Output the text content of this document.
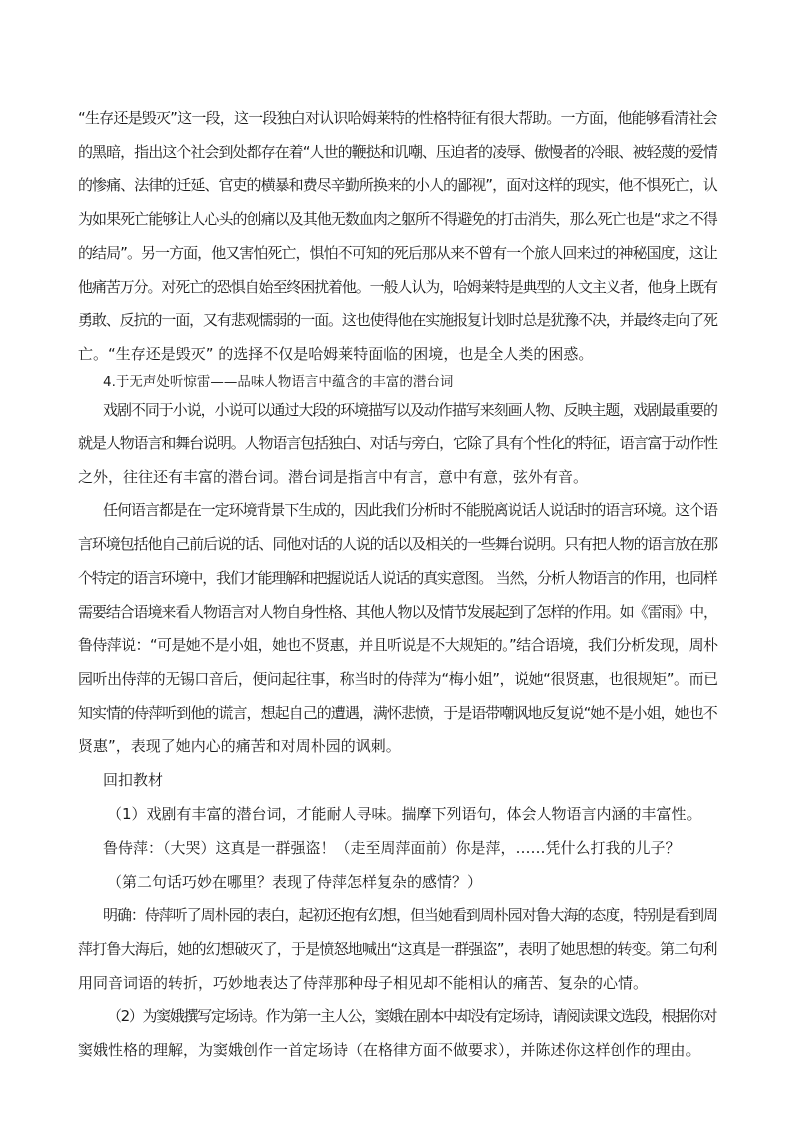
“生存还是毁灭”这一段，这一段独白对认识哈姆莱特的性格特征有很大帮助。一方面，他能够看清社会
的黑暗，指出这个社会到处都存在着“人世的鞭挞和讥嘲、压迫者的凌辱、傲慢者的冷眼、被轻蔑的爱情
的惨痛、法律的迁延、官吏的横暴和费尽辛勤所换来的小人的鄙视”，面对这样的现实，他不惧死亡，认
为如果死亡能够让人心头的创痛以及其他无数血肉之躯所不得避免的打击消失，那么死亡也是“求之不得
的结局”。另一方面，他又害怕死亡，惧怕不可知的死后那从来不曾有一个旅人回来过的神秘国度，这让
他痛苦万分。对死亡的恐惧自始至终困扰着他。一般人认为，哈姆莱特是典型的人文主义者，他身上既有
勇敢、反抗的一面，又有悲观懦弱的一面。这也使得他在实施报复计划时总是犹豫不决，并最终走向了死
亡。“生存还是毁灭” 的选择不仅是哈姆莱特面临的困境，也是全人类的困惑。
4.于无声处听惊雷——品味人物语言中蕴含的丰富的潜台词
戏剧不同于小说，小说可以通过大段的环境描写以及动作描写来刻画人物、反映主题，戏剧最重要的
就是人物语言和舞台说明。人物语言包括独白、对话与旁白，它除了具有个性化的特征，语言富于动作性
之外，往往还有丰富的潜台词。潜台词是指言中有言，意中有意，弦外有音。
任何语言都是在一定环境背景下生成的，因此我们分析时不能脱离说话人说话时的语言环境。这个语
言环境包括他自己前后说的话、同他对话的人说的话以及相关的一些舞台说明。只有把人物的语言放在那
个特定的语言环境中，我们才能理解和把握说话人说话的真实意图。 当然，分析人物语言的作用，也同样
需要结合语境来看人物语言对人物自身性格、其他人物以及情节发展起到了怎样的作用。如《雷雨》中，
鲁侍萍说：“可是她不是小姐，她也不贤惠，并且听说是不大规矩的。”结合语境，我们分析发现，周朴
园听出侍萍的无锡口音后，便问起往事，称当时的侍萍为“梅小姐”，说她“很贤惠，也很规矩”。而已
知实情的侍萍听到他的谎言，想起自己的遭遇，满怀悲愤，于是语带嘲讽地反复说“她不是小姐，她也不
贤惠”，表现了她内心的痛苦和对周朴园的讽刺。
回扣教材
（1）戏剧有丰富的潜台词，才能耐人寻味。揣摩下列语句，体会人物语言内涵的丰富性。
鲁侍萍：（大哭）这真是一群强盗！（走至周萍面前）你是萍，……凭什么打我的儿子？
（第二句话巧妙在哪里？表现了侍萍怎样复杂的感情？）
明确：侍萍听了周朴园的表白，起初还抱有幻想，但当她看到周朴园对鲁大海的态度，特别是看到周
萍打鲁大海后，她的幻想破灭了，于是愤怒地喊出“这真是一群强盗”，表明了她思想的转变。第二句利
用同音词语的转折，巧妙地表达了侍萍那种母子相见却不能相认的痛苦、复杂的心情。
（2）为窦娥撰写定场诗。作为第一主人公，窦娥在剧本中却没有定场诗，请阅读课文选段，根据你对
窦娥性格的理解，为窦娥创作一首定场诗（在格律方面不做要求），并陈述你这样创作的理由。
